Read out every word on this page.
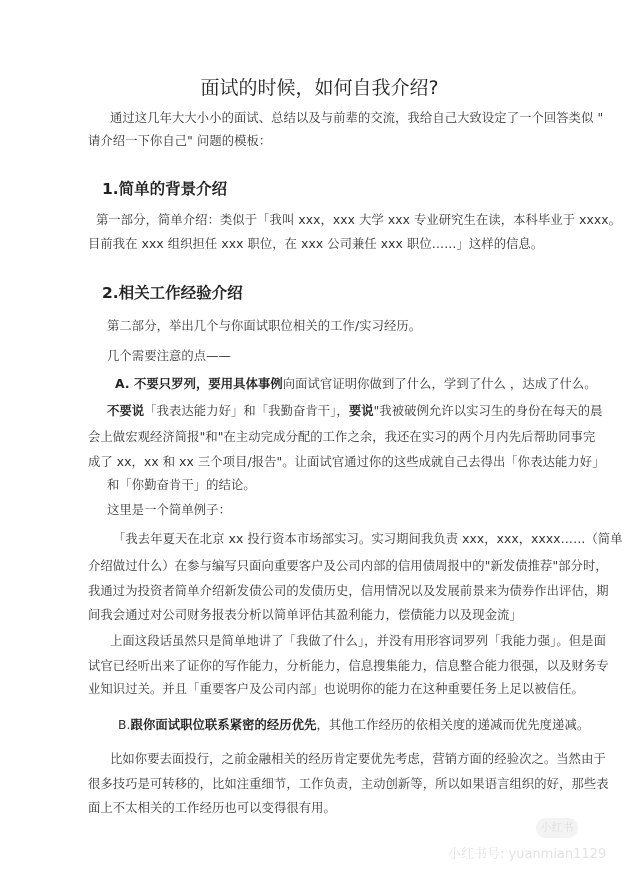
面试的时候，如何自我介绍?
1.简单的背景介绍
2.相关工作经验介绍
通过这几年大大小小的面试、总结以及与前辈的交流，我给自己大致设定了一个回答类似 "
请介绍一下你自己" 问题的模板：
第一部分，简单介绍：类似于「我叫 xxx，xxx 大学 xxx 专业研究生在读，本科毕业于 xxxx。
目前我在 xxx 组织担任 xxx 职位，在 xxx 公司兼任 xxx 职位……」这样的信息。
第二部分，举出几个与你面试职位相关的工作/实习经历。
几个需要注意的点——
A. 不要只罗列，要用具体事例向面试官证明你做到了什么，学到了什么 ，达成了什么。
不要说「我表达能力好」和「我勤奋肯干」，要说"我被破例允许以实习生的身份在每天的晨
会上做宏观经济简报"和"在主动完成分配的工作之余，我还在实习的两个月内先后帮助同事完
成了 xx，xx 和 xx 三个项目/报告"。让面试官通过你的这些成就自己去得出「你表达能力好」
和「你勤奋肯干」的结论。
这里是一个简单例子：
「我去年夏天在北京 xx 投行资本市场部实习。实习期间我负责 xxx，xxx，xxxx……（简单
介绍做过什么）在参与编写只面向重要客户及公司内部的信用债周报中的"新发债推荐"部分时，
我通过为投资者简单介绍新发债公司的发债历史，信用情况以及发展前景来为债券作出评估，期
间我会通过对公司财务报表分析以简单评估其盈利能力，偿债能力以及现金流」
上面这段话虽然只是简单地讲了「我做了什么」，并没有用形容词罗列「我能力强」。但是面
试官已经听出来了证你的写作能力，分析能力，信息搜集能力，信息整合能力很强，以及财务专
业知识过关。并且「重要客户及公司内部」也说明你的能力在这种重要任务上足以被信任。
B.跟你面试职位联系紧密的经历优先，其他工作经历的依相关度的递减而优先度递减。
比如你要去面投行，之前金融相关的经历肯定要优先考虑，营销方面的经验次之。当然由于
很多技巧是可转移的，比如注重细节，工作负责，主动创新等，所以如果语言组织的好，那些表
面上不太相关的工作经历也可以变得很有用。
小红书
小红书号: yuanmian1129
